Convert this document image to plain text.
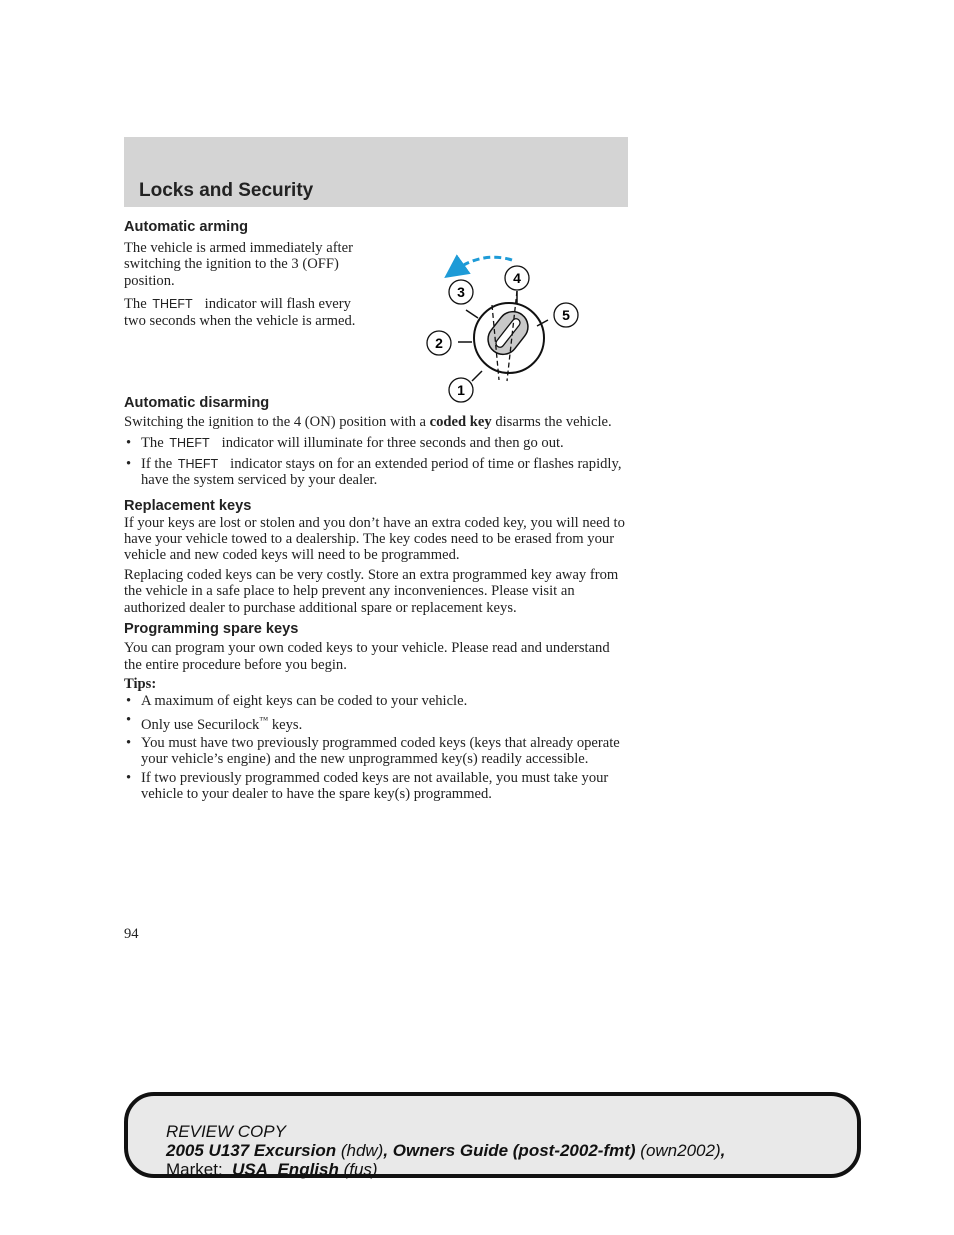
Locks and Security
Automatic arming

The vehicle is armed immediately after switching the ignition to the 3 (OFF) position.

The THEFT indicator will flash every two seconds when the vehicle is armed.

Automatic disarming

Switching the ignition to the 4 (ON) position with a coded key disarms the vehicle.

• The THEFT indicator will illuminate for three seconds and then go out.
• If the THEFT indicator stays on for an extended period of time or flashes rapidly, have the system serviced by your dealer.
Replacement keys

If your keys are lost or stolen and you don’t have an extra coded key, you will need to have your vehicle towed to a dealership. The key codes need to be erased from your vehicle and new coded keys will need to be programmed.

Replacing coded keys can be very costly. Store an extra programmed key away from the vehicle in a safe place to help prevent any inconveniences. Please visit an authorized dealer to purchase additional spare or replacement keys.

Programming spare keys

You can program your own coded keys to your vehicle. Please read and understand the entire procedure before you begin.

Tips:

• A maximum of eight keys can be coded to your vehicle.
• Only use Securilock™ keys.
• You must have two previously programmed coded keys (keys that already operate your vehicle’s engine) and the new unprogrammed key(s) readily accessible.
• If two previously programmed coded keys are not available, you must take your vehicle to your dealer to have the spare key(s) programmed.
3
4
5
2
1
94
REVIEW COPY
2005 U137 Excursion (hdw), Owners Guide (post-2002-fmt) (own2002),
Market:  USA_English (fus)
